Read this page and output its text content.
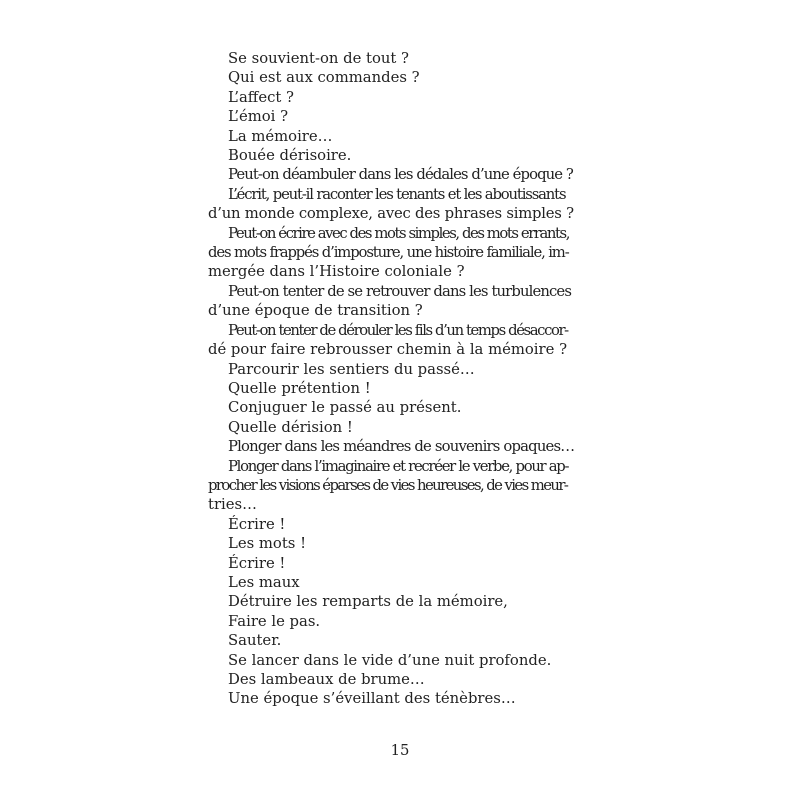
Se souvient-on de tout ?
Qui est aux commandes ?
L’affect ?
L’émoi ?
La mémoire…
Bouée dérisoire.
Peut-on déambuler dans les dédales d’une époque ?
L’écrit, peut-il raconter les tenants et les aboutissants
d’un monde complexe, avec des phrases simples ?
Peut-on écrire avec des mots simples, des mots errants,
des mots frappés d’imposture, une histoire familiale, im-
mergée dans l’Histoire coloniale ?
Peut-on tenter de se retrouver dans les turbulences
d’une époque de transition ?
Peut-on tenter de dérouler les fils d’un temps désaccor-
dé pour faire rebrousser chemin à la mémoire ?
Parcourir les sentiers du passé…
Quelle prétention !
Conjuguer le passé au présent.
Quelle dérision !
Plonger dans les méandres de souvenirs opaques…
Plonger dans l’imaginaire et recréer le verbe, pour ap-
procher les visions éparses de vies heureuses, de vies meur-
tries…
Écrire !
Les mots !
Écrire !
Les maux
Détruire les remparts de la mémoire,
Faire le pas.
Sauter.
Se lancer dans le vide d’une nuit profonde.
Des lambeaux de brume…
Une époque s’éveillant des ténèbres…
15
